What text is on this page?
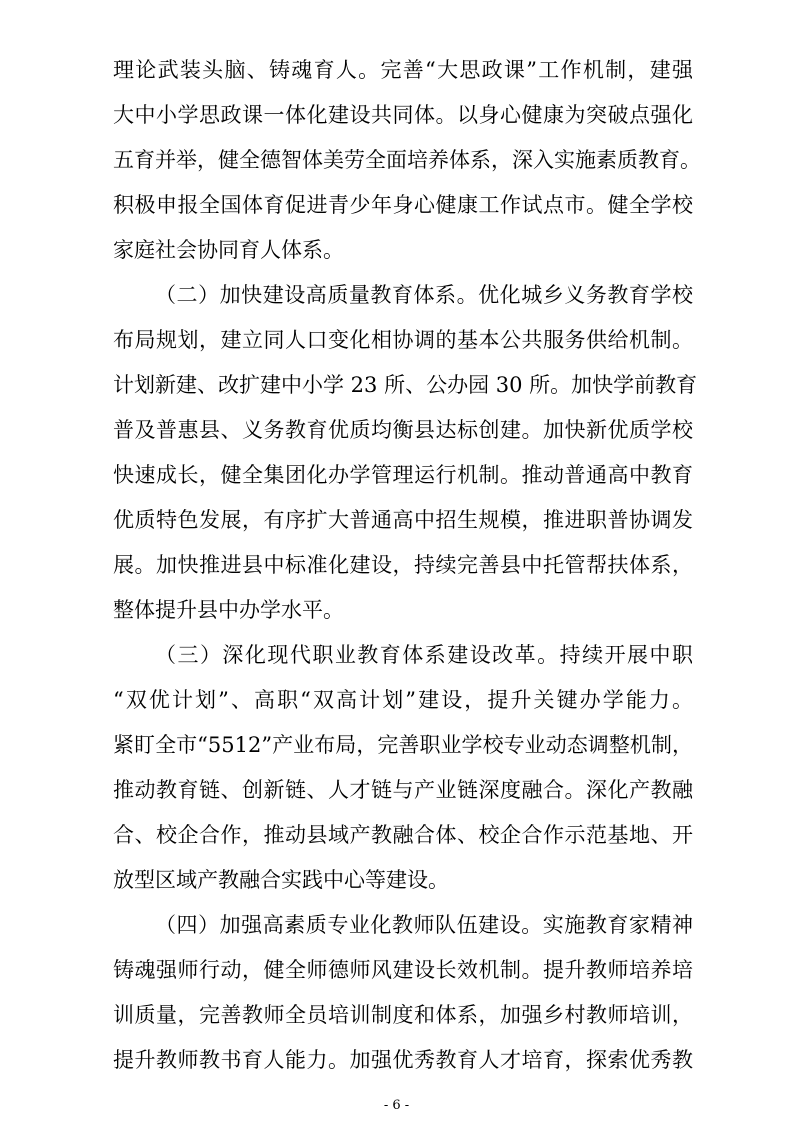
理论武装头脑、铸魂育人。完善“大思政课”工作机制，建强
大中小学思政课一体化建设共同体。以身心健康为突破点强化
五育并举，健全德智体美劳全面培养体系，深入实施素质教育。
积极申报全国体育促进青少年身心健康工作试点市。健全学校
家庭社会协同育人体系。
（二）加快建设高质量教育体系。优化城乡义务教育学校
布局规划，建立同人口变化相协调的基本公共服务供给机制。
计划新建、改扩建中小学 23 所、公办园 30 所。加快学前教育
普及普惠县、义务教育优质均衡县达标创建。加快新优质学校
快速成长，健全集团化办学管理运行机制。推动普通高中教育
优质特色发展，有序扩大普通高中招生规模，推进职普协调发
展。加快推进县中标准化建设，持续完善县中托管帮扶体系，
整体提升县中办学水平。
（三）深化现代职业教育体系建设改革。持续开展中职
“双优计划”、高职“双高计划”建设，提升关键办学能力。
紧盯全市“5512”产业布局，完善职业学校专业动态调整机制，
推动教育链、创新链、人才链与产业链深度融合。深化产教融
合、校企合作，推动县域产教融合体、校企合作示范基地、开
放型区域产教融合实践中心等建设。
（四）加强高素质专业化教师队伍建设。实施教育家精神
铸魂强师行动，健全师德师风建设长效机制。提升教师培养培
训质量，完善教师全员培训制度和体系，加强乡村教师培训，
提升教师教书育人能力。加强优秀教育人才培育，探索优秀教
- 6 -
